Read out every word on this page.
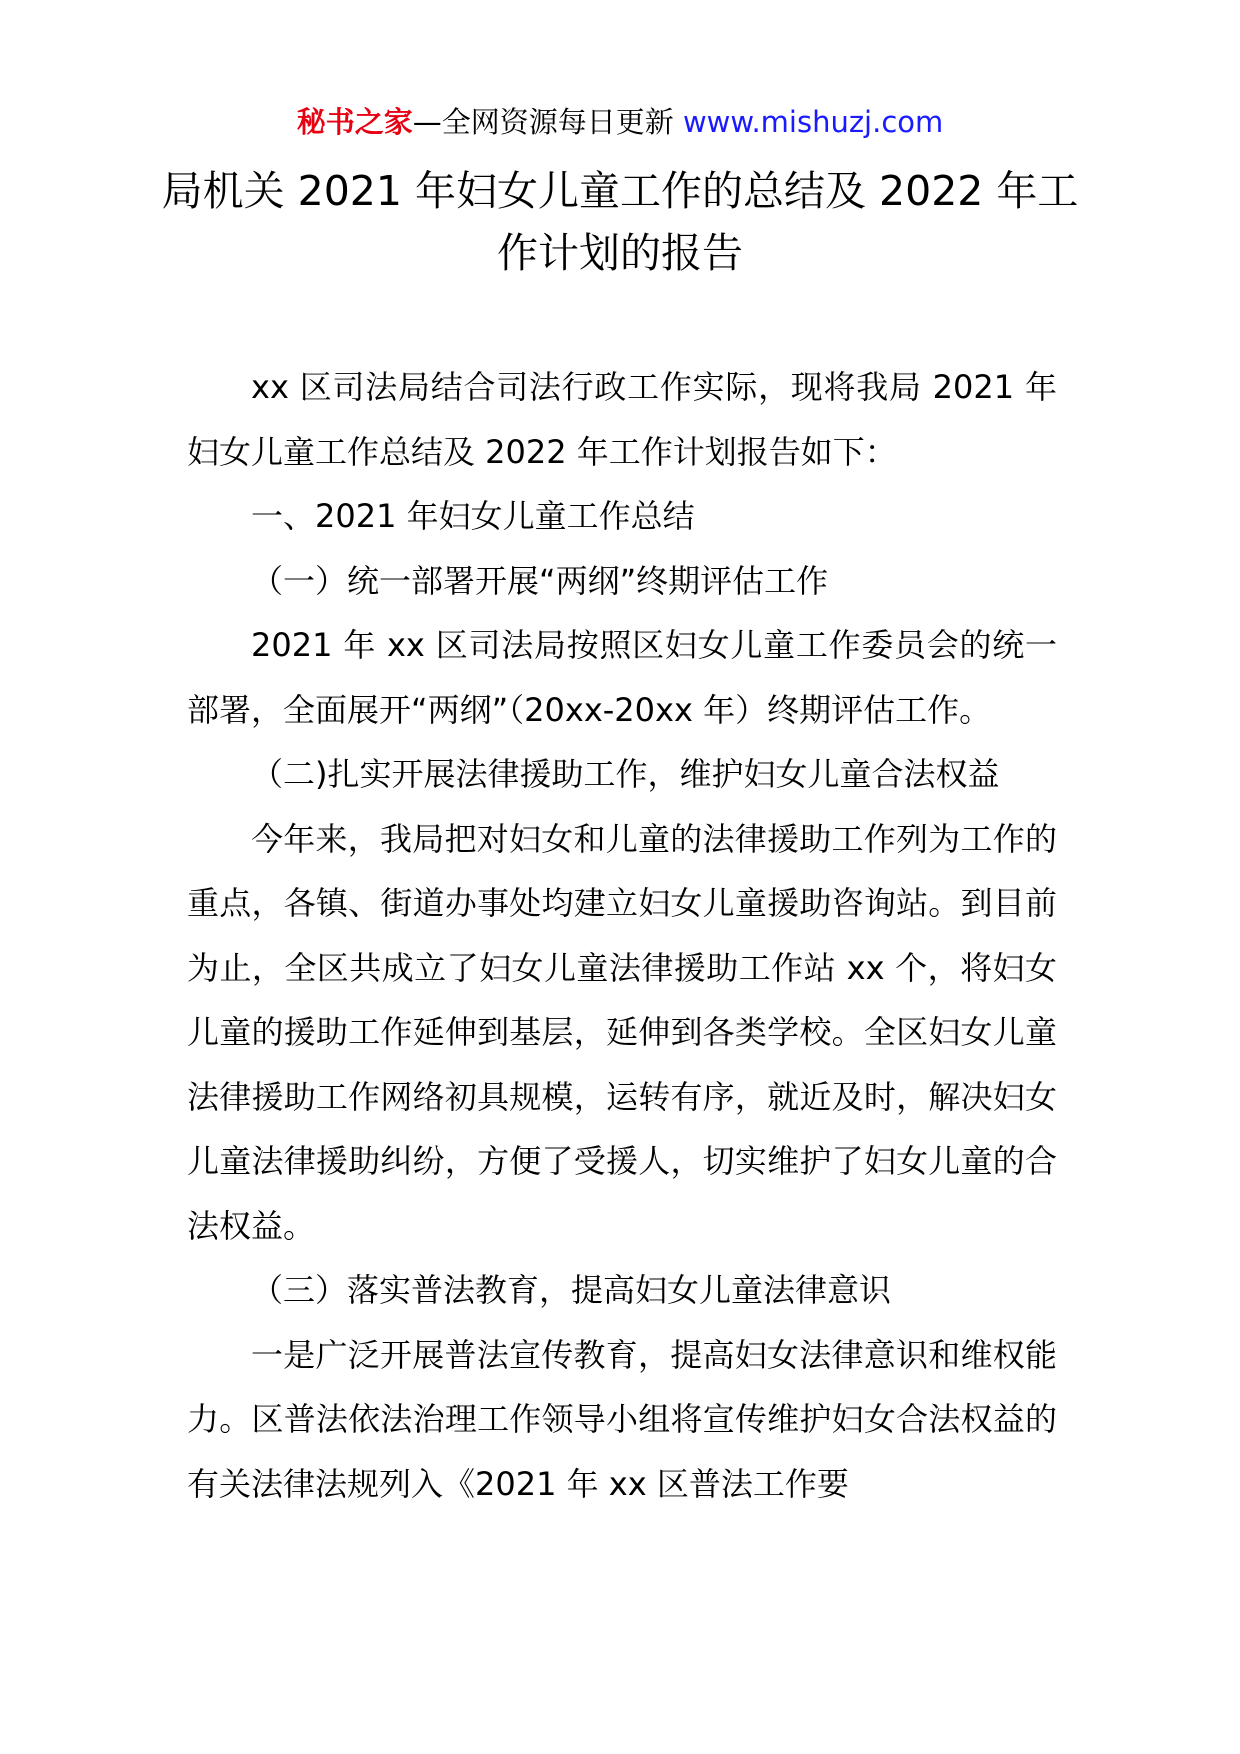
秘书之家—全网资源每日更新 www.mishuzj.com
局机关 2021 年妇女儿童工作的总结及 2022 年工作计划的报告

xx 区司法局结合司法行政工作实际，现将我局 2021 年妇女儿童工作总结及 2022 年工作计划报告如下：

一、2021 年妇女儿童工作总结

（一）统一部署开展“两纲”终期评估工作

2021 年 xx 区司法局按照区妇女儿童工作委员会的统一部署，全面展开“两纲”（20xx-20xx 年）终期评估工作。

（二)扎实开展法律援助工作，维护妇女儿童合法权益

今年来，我局把对妇女和儿童的法律援助工作列为工作的重点，各镇、街道办事处均建立妇女儿童援助咨询站。到目前为止，全区共成立了妇女儿童法律援助工作站 xx 个，将妇女儿童的援助工作延伸到基层，延伸到各类学校。全区妇女儿童法律援助工作网络初具规模，运转有序，就近及时，解决妇女儿童法律援助纠纷，方便了受援人，切实维护了妇女儿童的合法权益。

（三）落实普法教育，提高妇女儿童法律意识

一是广泛开展普法宣传教育，提高妇女法律意识和维权能力。区普法依法治理工作领导小组将宣传维护妇女合法权益的有关法律法规列入《2021 年 xx 区普法工作要
